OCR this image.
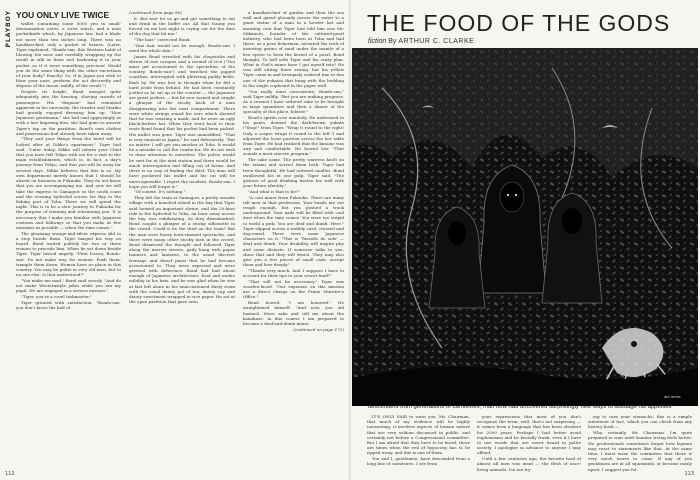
PLAYBOY YOU ONLY LIVE TWICE

wallet containing some 5000 yen in small-denomination notes, a wrist watch, and a neat pocketknife which, by Japanese law, had a blade not more than two inches long. There was no handkerchief, only a packet of tissues. (Later, Tiger explained, "Bondo-san, this Western habit of blowing the nose and carefully wrapping up the result in silk or linen and harboring it in your pocket as if it were something precious! Would you do the same thing with the other excretions of your body? Exactly! So, if in Japan you wish to blow your nose, perform the act discreetly and dispose of the tissue, mildly, of the result.")

Despite its height, Bond merged quite adequately into the heaving, shoving crowds of passengers. His "disguise" had remained apparent in his nervously: the trawler and Mariko had greatly enjoyed dressing him up. "Now Japanese gentleman," she had said approvingly as with a last lingering kiss, she had gone to answer Tiger's tap on the partition. Bond's own clothes and possessions had already been taken away.

"They and your things from the hotel will be looked after at Dikko's apartment," Tiger had said. "Later today, Dikko will inform your Chief that you have left Tokyo with me for a visit to the main establishments, which is, in fact, a day's journey from Tokyo, and that you will be away for several days. Dikko believes that this is so. My own department merely knows that I should be absent on business in Fukuoka. They do not know that you are accompanying me. And now we will take the express to Gamagori so the south coast and the evening hydrofoil across Ise Bay to the fishing port of Toba. There we will spend the night. This is to be a slow journey to Fukuoka for the purpose of training and rehearsing you. It is necessary that I make you familiar with Japanese customs and folkways so that you make as few mistakes as possible — when the time comes."

The gleaming orange-and-silver express slid to a stop beside them. Tiger barged his way on board. Bond waited politely for two or three women to precede him. When he sat down beside Tiger, Tiger hissed angrily, "First lesson, Bondo-san! Do not make way for women. Push them, trample them down. Women have no place in this country. You may be polite in very old men, but to no one else. Is that understood?"

"You make me mad," Bond said crossly. "And do not make Westernstyle jokes while you are my pupil. We are engaged in a serious mission."

"Tiger, you're a cruel taskmaster."

Tiger grinned with satisfaction. "Bondo-san, you don't know the half of

(continued from page 80)

it. But now let us go and get something to eat and drink in the buffet car. All that Nanny you forced on me last night is crying out for the dust of the dog that bit me."

"The hair," corrected Bond.

"One hair would not be enough, Bondo-san. I need the whole skin."

James Bond wrestled with his chopsticks and slivers of raw octopus and a mound of rice ("You must get accustomed to the specialties of the country, Bondo-san") and watched the jagged coastline, interrupted with glittering paddy fields, flash by. He was lost in thought when he felt a hard jostle from behind. He had been constantly jostled as he sat up at the counter — the Japanese are great jostlers — but he now turned and caught a glimpse of the stocky back of a man disappearing into the next compartment. There were white strings round his ears which showed that he was wearing a mask, and he wore an ugly black-leather hat. When they went back to their seats Bond found that his pocket had been picked. His wallet was gone. Tiger was unmodified. "That is very unusual in Japan," he said defensively. "But no matter. I will get you another at Toba. It would be a mistake to call the conductor. We do not wish to draw attention to ourselves. The police would be sent for at the next station and there would be much interrogation and filling out of forms. And there is no way of finding the thief. The man will have pocketed his wallet and his cat will be unrecognizable. I regret the incident, Bondo-san. I hope you will forget it."

"Of course. It's nothing."

They left the train at Gamagori, a pretty seaside village with a hunched island in the bay that Tiger said housed an important shrine, and the 20-knot ride in the hydrofoil to Toba, an hour away across the bay, was exhilarating. As they disembarked, Bond caught a glimpse of a stocky silhouette in the crowd. Could it be the thief on the train? But the man wore heavy horn-rimmed spectacles, and there were many other stocky men in the crowd. Bond dismissed the thought and followed Tiger along the narrow streets, gaily hung with paper banners and lanterns, to the usual discreet frontage and dwarf pines that he had become accustomed to. They were expected and were greeted with deference. Bond had had about enough of Japanese architecture, food and undue nobility in his hats, and he was glad when he was at last left alone in his unaccustomed dusty room with the usual dainty pot of tea, dainty cup and dainty sweetmeat wrapped in rice paper. He sat at the open partition that gave onto

a handkerchief of garden and then the sea wall and gazed gloomily across the water to a giant statue of a man in a bowler hat and morning coat that Tiger had told him was Mr. Mikimoto, founder of the cultured-pearl industry, who had been born at Toba and had there, as a poor fisherman, invented the trick of inserting grains of sand under the mantle of a live oyster to form the kernel of a pearl. Bond thought, To hell with Tiger and his crazy plan. What in God's name have I got myself into? He was still sitting there seeing, but his yellow Tiger came in and brusquely ordered him to don one of the yukatas that hung with the bedding in the single cupboard in the paper wall.

"You really must concentrate, Bondo-san," said Tiger mildly. "But you are making progress. As a reward I have ordered sake to be brought in large quantities and then a dinner of the specialty of this place, lobster."

Bond's spirits rose minutely. He undressed to his pants, donned the dark-brown yukata ("Stop!" from Tiger. "Wrap it round to the right! Only a corpse wraps it round to the left.") and adjusted the loose position across the low table from Tiger. He had realized that the kimono was airy and comfortable. He bowed low. "That sounds a most sincere program."

The sake came. The pretty waitress knelt on the tatami and served them both. Tiger had been thoughtful. He had ordered candles. Bond swallowed his at one gulp. Tiger said, "The gesture of good drinking hasten his well with your future identity."

"And what is that to be?"

"A coal miner from Fukuoka. There are many tall men in that profession. Your hands are not rough enough, but you pushed a truck underground. Your nails will be filled with coal dust when the time comes. You were too stupid to wield a pick. You are deaf and dumb. Here." Tiger slipped across a wobbly card, creased and dog-eared. There were some Japanese characters on it. "This is 'Tasseilo de sofe' — deaf and dumb. Your disability will inspire pity and some distaste. If someone talks to you, show that and they will desist. They may also give you a few pieces of small cash. Accept them and bow deeply."

"Thanks very much. And I suppose I have to account for their tips to your secret fund?"

"That will not be necessary." Tiger was wooden-faced. "Our expenses on this mission are a direct charge on the Prime Minister's Office."

Bond bowed. "I am honored." He straightened himself. "And now, you old bastard. More sake and tell me about the kamikaze. In due course I am prepared to become a deaf-and-dumb miner

(continued on page 172)

112
THE FOOD OF THE GODS
fiction By ARTHUR C. CLARKE
ato arnes

descendent from generations of carnivores, man now had uncovered surprisingly new ways to assuage his appetites

IT'S ONLY FAIR to warn you, Mr. Chairman, that much of my evidence will be highly nauseating; it involves aspects of human nature that are very seldom discussed in public, and certainly not before a Congressional committee. But I am afraid that they have to be faced; there are times when the veil of hypocrisy has to be ripped away, and this is one of them.

You and I, gentlemen, have descended from a long line of carnivores. I see from

your expressions that most of you don't recognize the term; well, that's not surprising — it comes from a language that has been obsolete for 2000 years. Perhaps I had better avoid euphemisms and be brutally frank, even if I have to use words that are never heard in polite society. I apologize in advance to anyone I may offend.

Until a few centuries ago, the favorite food of almost all men was meat — the flesh of once-living animals. I'm not try-

ing to turn your stomachs; this is a simple statement of fact, which you can check from any history book —

Why, certainly, Mr. Chairman. I'm quite prepared to wait until Senator Irving feels better. We professionals sometimes forget how laymen may react to statements like that. At the same time, I must warn the committee that there is very much worse to come. If any of you gentlemen are at all squeamish, or become easily upset, I suggest you fol-

113
